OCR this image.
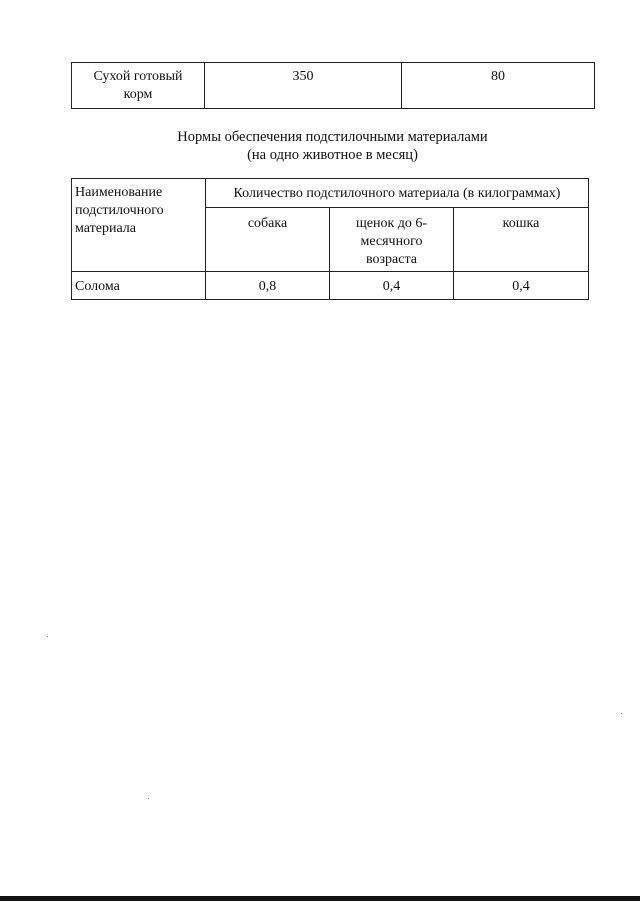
Сухой готовый корм	350	80
Нормы обеспечения подстилочными материалами
(на одно животное в месяц)
Наименование подстилочного материала	Количество подстилочного материала (в килограммах)		
	собака	щенок до 6-месячного возраста	кошка
Солома	0,8	0,4	0,4
